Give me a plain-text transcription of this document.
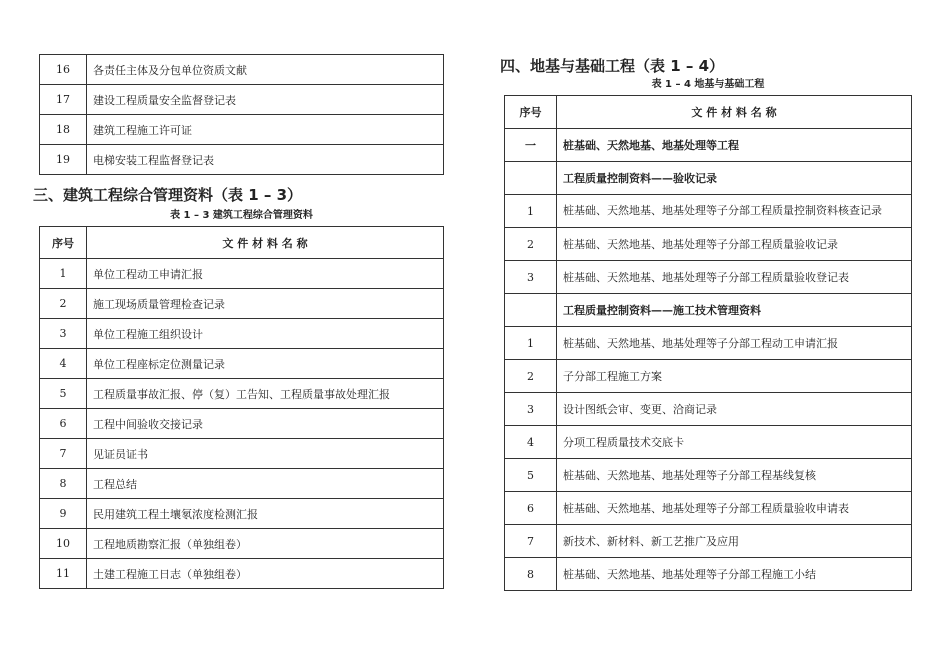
16	各责任主体及分包单位资质文献
17	建设工程质量安全监督登记表
18	建筑工程施工许可证
19	电梯安装工程监督登记表
三、建筑工程综合管理资料（表 1 – 3）
表 1 – 3 建筑工程综合管理资料
序号	文 件 材 料 名 称
1	单位工程动工申请汇报
2	施工现场质量管理检查记录
3	单位工程施工组织设计
4	单位工程座标定位测量记录
5	工程质量事故汇报、停（复）工告知、工程质量事故处理汇报
6	工程中间验收交接记录
7	见证员证书
8	工程总结
9	民用建筑工程土壤氡浓度检测汇报
10	工程地质勘察汇报（单独组卷）
11	土建工程施工日志（单独组卷）
四、地基与基础工程（表 1 – 4）
表 1 – 4 地基与基础工程
序号	文 件 材 料 名 称
一	桩基础、天然地基、地基处理等工程
	工程质量控制资料——验收记录
1	桩基础、天然地基、地基处理等子分部工程质量控制资料核查记录
2	桩基础、天然地基、地基处理等子分部工程质量验收记录
3	桩基础、天然地基、地基处理等子分部工程质量验收登记表
	工程质量控制资料——施工技术管理资料
1	桩基础、天然地基、地基处理等子分部工程动工申请汇报
2	子分部工程施工方案
3	设计图纸会审、变更、洽商记录
4	分项工程质量技术交底卡
5	桩基础、天然地基、地基处理等子分部工程基线复核
6	桩基础、天然地基、地基处理等子分部工程质量验收申请表
7	新技术、新材料、新工艺推广及应用
8	桩基础、天然地基、地基处理等子分部工程施工小结
